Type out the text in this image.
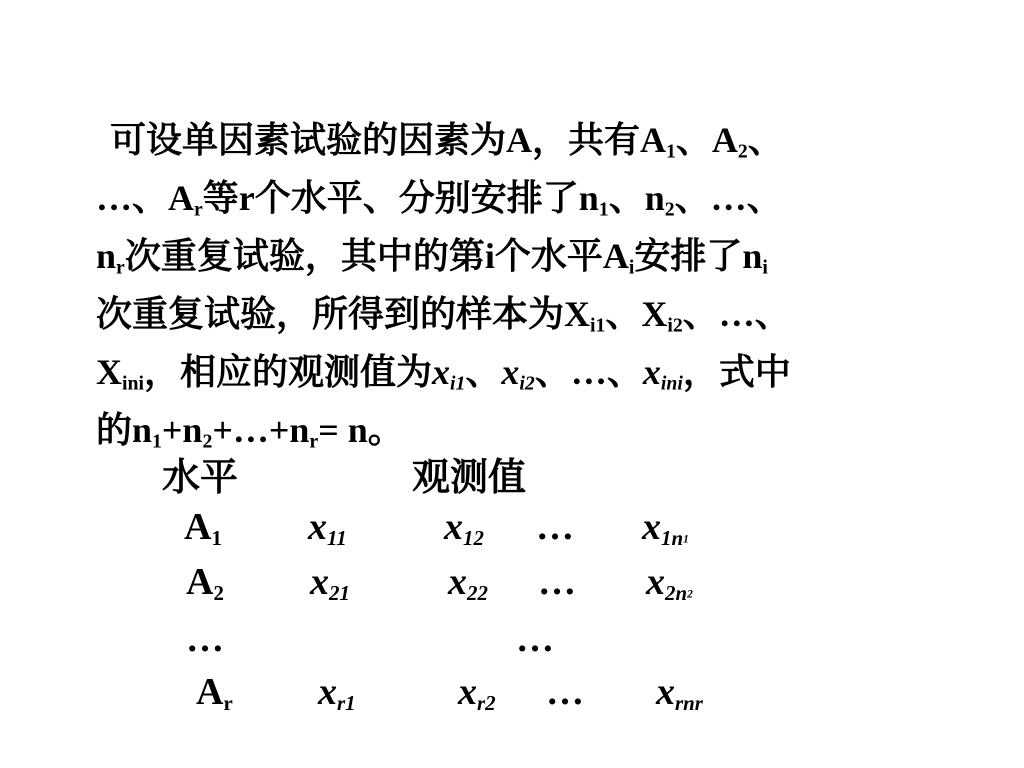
可设单因素试验的因素为A，共有$A_1$、$A_2$、
…、$A_r$等r个水平、分别安排了$n_1$、$n_2$、…、
$n_r$次重复试验，其中的第i个水平$A_i$安排了$n_i$
次重复试验，所得到的样本为$X_{i1}$、$X_{i2}$、…、
$X_{ini}$，相应的观测值为$x_{i1}$、$x_{i2}$、…、$x_{ini}$，式中
的$n_1+n_2+\dots+n_r= n$。
水平	观测值
$A_1$ $x_{11}$	$x_{12}$ … $x_{1n}1$
$A_2$ $x_{21}$	$x_{22}$ … $x_{2n}2$
…	…
$A_r$ $x_{r1}$	$x_{r2}$ … $x_{rnr}$
